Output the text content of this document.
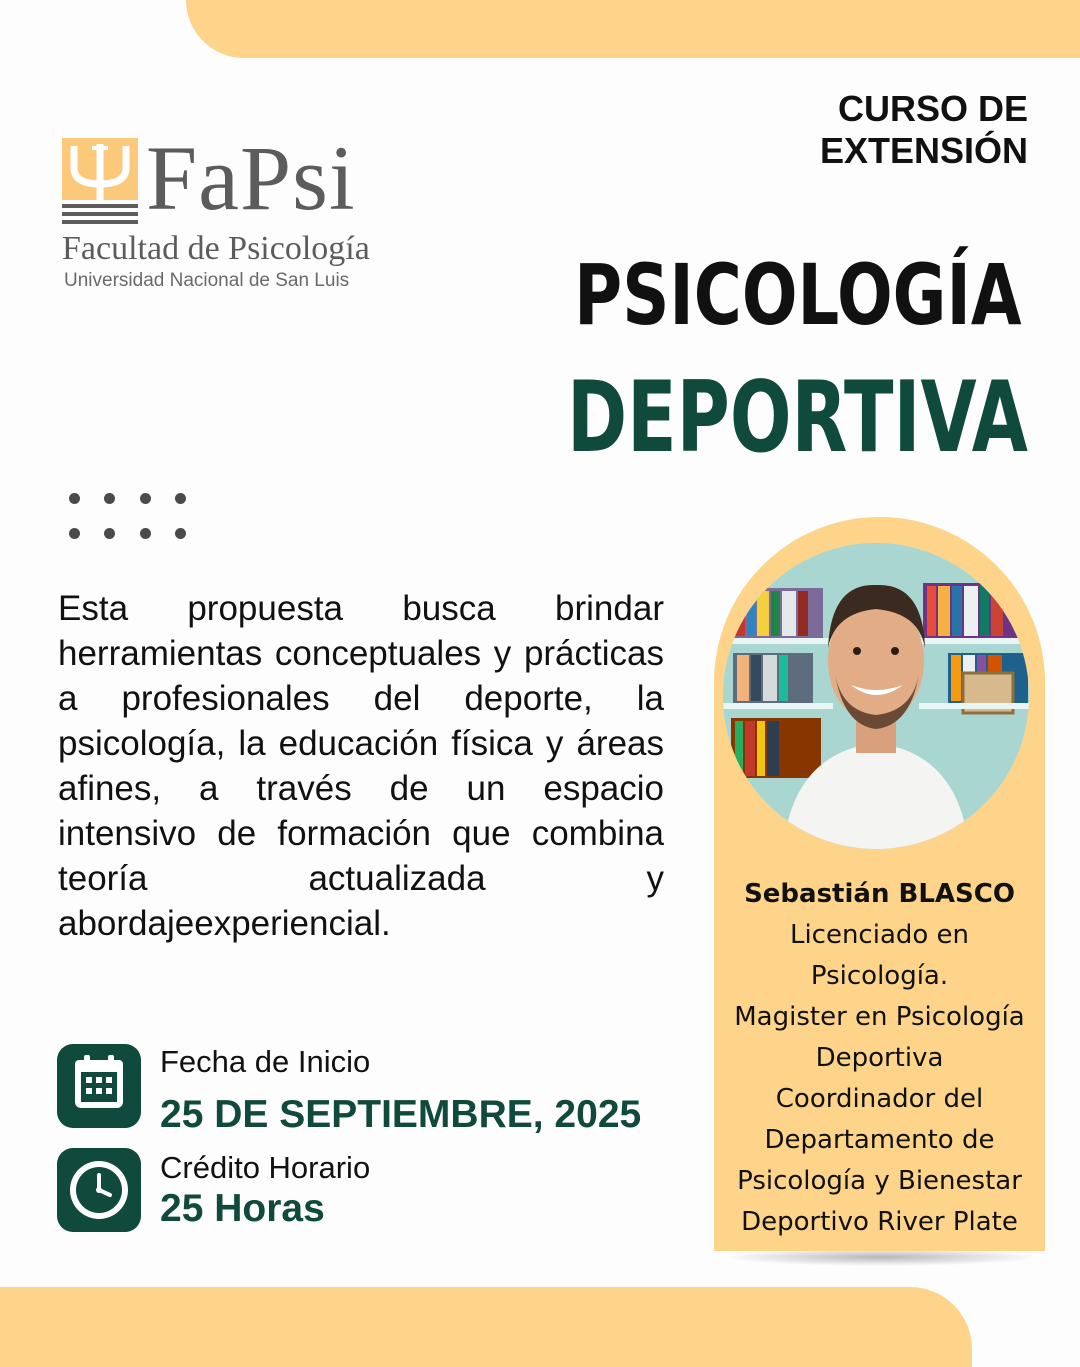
FaPsi
Facultad de Psicología
Universidad Nacional de San Luis
CURSO DE
EXTENSIÓN
PSICOLOGÍA
DEPORTIVA
Esta propuesta busca brindar herramientas conceptuales y prácticas a profesionales del deporte, la psicología, la educación física y áreas afines, a través de un espacio intensivo de formación que combina teoría actualizada y abordajeexperiencial.
Fecha de Inicio
25 DE SEPTIEMBRE, 2025
Crédito Horario
25 Horas
Sebastián BLASCO
Licenciado en
Psicología.
Magister en Psicología
Deportiva
Coordinador del
Departamento de
Psicología y Bienestar
Deportivo River Plate
